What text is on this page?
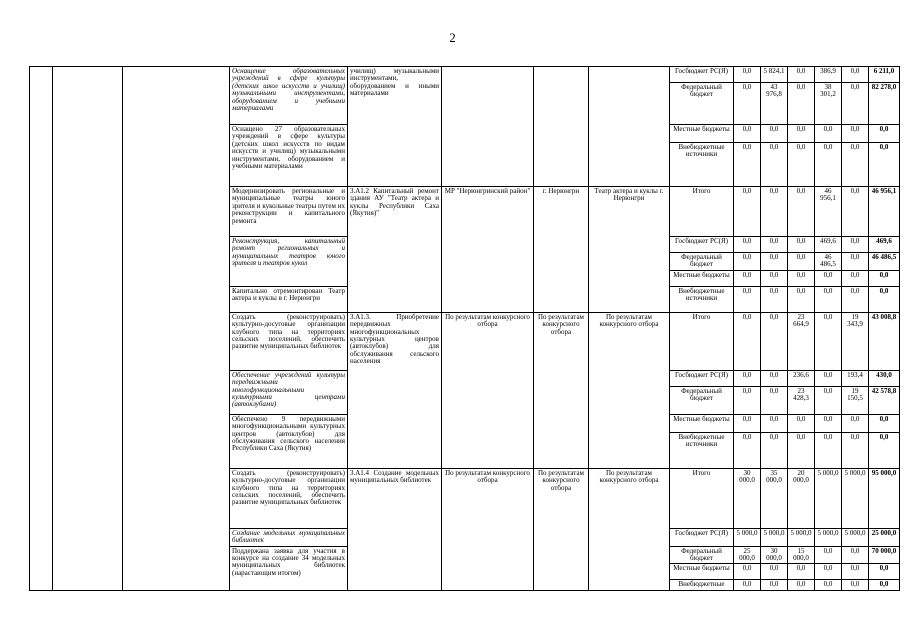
2
			Оснащение образовательных учреждений в сфере культуры (детских школ искусств и училищ) музыкальными инструментами, оборудованием и учебными материалами	училищ) музыкальными инструментами, оборудованием и иными материалами				Госбюджет РС(Я)	0,0	5 824,1	0,0	386,9	0,0	6 211,0
								Федеральный бюджет	0,0	43 976,8	0,0	38 301,2	0,0	82 278,0
			Оснащено 27 образовательных учреждений в сфере культуры (детских школ искусств по видам искусств и училищ) музыкальными инструментами, оборудованием и учебными материалами					Местные бюджеты	0,0	0,0	0,0	0,0	0,0	0,0
								Внебюджетные источники	0,0	0,0	0,0	0,0	0,0	0,0
			Модернизировать региональные и муниципальные театры юного зрителя и кукольные театры путем их реконструкции и капитального ремонта	3.А1.2 Капитальный ремонт здания АУ "Театр актера и куклы Республики Саха (Якутия)"	МР "Нерюнгринский район"	г. Нерюнгри	Театр актера и куклы г. Нерюнгри	Итого	0,0	0,0	0,0	46 956,1	0,0	46 956,1
			Реконструкция, капитальный ремонт региональных и муниципальных театров юного зрителя и театров кукол					Госбюджет РС(Я)	0,0	0,0	0,0	469,6	0,0	469,6
								Федеральный бюджет	0,0	0,0	0,0	46 486,5	0,0	46 486,5
								Местные бюджеты	0,0	0,0	0,0	0,0	0,0	0,0
			Капитально отремонтирован Театр актера и куклы в г. Нерюнгри					Внебюджетные источники	0,0	0,0	0,0	0,0	0,0	0,0
			Создать (реконструировать) культурно-досуговые организации клубного типа на территориях сельских поселений, обеспечить развитие муниципальных библиотек	3.А1.3. Приобретение передвижных многофункциональных культурных центров (автоклубов) для обслуживания сельского населения	По результатам конкурсного отбора	По результатам конкурсного отбора	По результатам конкурсного отбора	Итого	0,0	0,0	23 664,9	0,0	19 343,9	43 008,8
			Обеспечение учреждений культуры передвижными многофункциональными культурными центрами (автоклубами)					Госбюджет РС(Я)	0,0	0,0	236,6	0,0	193,4	430,0
								Федеральный бюджет	0,0	0,0	23 428,3	0,0	19 150,5	42 578,8
			Обеспечено 9 передвижными многофункциональными культурных центров (автоклубов) для обслуживания сельского населения Республики Саха (Якутия)					Местные бюджеты	0,0	0,0	0,0	0,0	0,0	0,0
								Внебюджетные источники	0,0	0,0	0,0	0,0	0,0	0,0
			Создать (реконструировать) культурно-досуговые организации клубного типа на территориях сельских поселений, обеспечить развитие муниципальных библиотек	3.А1.4 Создание модельных муниципальных библиотек	По результатам конкурсного отбора	По результатам конкурсного отбора	По результатам конкурсного отбора	Итого	30 000,0	35 000,0	20 000,0	5 000,0	5 000,0	95 000,0
			Создание модельных муниципальных библиотек					Госбюджет РС(Я)	5 000,0	5 000,0	5 000,0	5 000,0	5 000,0	25 000,0
			Поддержана заявка для участия в конкурсе на создание 34 модельных муниципальных библиотек (нарастающим итогом)					Федеральный бюджет	25 000,0	30 000,0	15 000,0	0,0	0,0	70 000,0
								Местные бюджеты	0,0	0,0	0,0	0,0	0,0	0,0
								Внебюджетные	0,0	0,0	0,0	0,0	0,0	0,0
